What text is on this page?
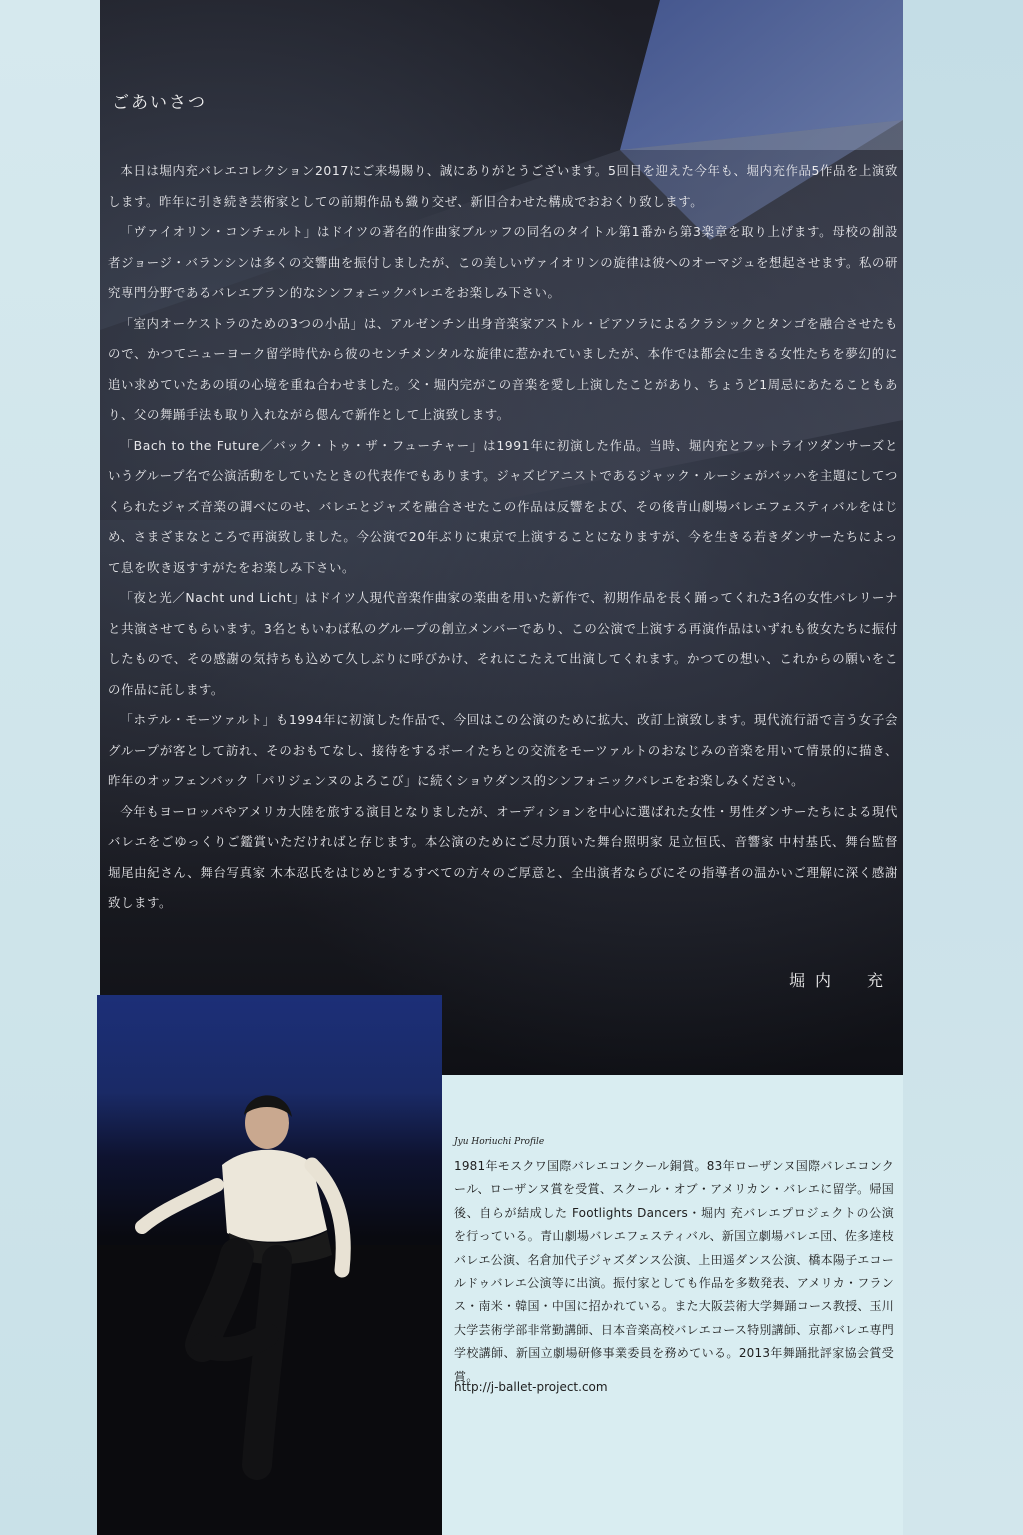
ごあいさつ

本日は堀内充バレエコレクション2017にご来場賜り、誠にありがとうございます。5回目を迎えた今年も、堀内充作品5作品を上演致します。昨年に引き続き芸術家としての前期作品も織り交ぜ、新旧合わせた構成でおおくり致します。

「ヴァイオリン・コンチェルト」はドイツの著名的作曲家ブルッフの同名のタイトル第1番から第3楽章を取り上げます。母校の創設者ジョージ・バランシンは多くの交響曲を振付しましたが、この美しいヴァイオリンの旋律は彼へのオーマジュを想起させます。私の研究専門分野であるバレエブラン的なシンフォニックバレエをお楽しみ下さい。

「室内オーケストラのための3つの小品」は、アルゼンチン出身音楽家アストル・ピアソラによるクラシックとタンゴを融合させたもので、かつてニューヨーク留学時代から彼のセンチメンタルな旋律に惹かれていましたが、本作では都会に生きる女性たちを夢幻的に追い求めていたあの頃の心境を重ね合わせました。父・堀内完がこの音楽を愛し上演したことがあり、ちょうど1周忌にあたることもあり、父の舞踊手法も取り入れながら偲んで新作として上演致します。

「Bach to the Future／バック・トゥ・ザ・フューチャー」は1991年に初演した作品。当時、堀内充とフットライツダンサーズというグループ名で公演活動をしていたときの代表作でもあります。ジャズピアニストであるジャック・ルーシェがバッハを主題にしてつくられたジャズ音楽の調べにのせ、バレエとジャズを融合させたこの作品は反響をよび、その後青山劇場バレエフェスティバルをはじめ、さまざまなところで再演致しました。今公演で20年ぶりに東京で上演することになりますが、今を生きる若きダンサーたちによって息を吹き返すすがたをお楽しみ下さい。

「夜と光／Nacht und Licht」はドイツ人現代音楽作曲家の楽曲を用いた新作で、初期作品を長く踊ってくれた3名の女性バレリーナと共演させてもらいます。3名ともいわば私のグループの創立メンバーであり、この公演で上演する再演作品はいずれも彼女たちに振付したもので、その感謝の気持ちも込めて久しぶりに呼びかけ、それにこたえて出演してくれます。かつての想い、これからの願いをこの作品に託します。

「ホテル・モーツァルト」も1994年に初演した作品で、今回はこの公演のために拡大、改訂上演致します。現代流行語で言う女子会グループが客として訪れ、そのおもてなし、接待をするボーイたちとの交流をモーツァルトのおなじみの音楽を用いて情景的に描き、昨年のオッフェンバック「パリジェンヌのよろこび」に続くショウダンス的シンフォニックバレエをお楽しみください。

今年もヨーロッパやアメリカ大陸を旅する演目となりましたが、オーディションを中心に選ばれた女性・男性ダンサーたちによる現代バレエをごゆっくりご鑑賞いただければと存じます。本公演のためにご尽力頂いた舞台照明家 足立恒氏、音響家 中村基氏、舞台監督 堀尾由紀さん、舞台写真家 木本忍氏をはじめとするすべての方々のご厚意と、全出演者ならびにその指導者の温かいご理解に深く感謝致します。

堀内　充
Jyu Horiuchi Profile
1981年モスクワ国際バレエコンクール銅賞。83年ローザンヌ国際バレエコンクール、ローザンヌ賞を受賞、スクール・オブ・アメリカン・バレエに留学。帰国後、自らが結成した Footlights Dancers・堀内 充バレエプロジェクトの公演を行っている。青山劇場バレエフェスティバル、新国立劇場バレエ団、佐多達枝バレエ公演、名倉加代子ジャズダンス公演、上田遥ダンス公演、橋本陽子エコールドゥバレエ公演等に出演。振付家としても作品を多数発表、アメリカ・フランス・南米・韓国・中国に招かれている。また大阪芸術大学舞踊コース教授、玉川大学芸術学部非常勤講師、日本音楽高校バレエコース特別講師、京都バレエ専門学校講師、新国立劇場研修事業委員を務めている。2013年舞踊批評家協会賞受賞。
http://j-ballet-project.com
